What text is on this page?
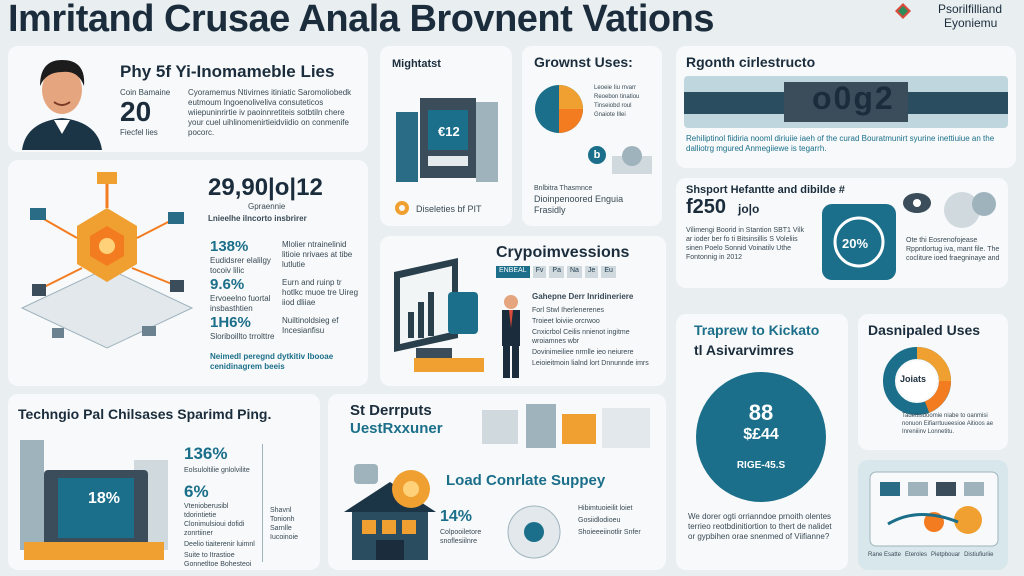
Imritand Crusae Anala Brovnent Vations	Psorilfilliand
Eyoniemu
Phy 5f Yi-Inomameble Lies
Coin Bamaine
20
Fiecfel lies
Cyoramemus Ntivirnes itiniatic Saromoliobedk eutmoum Ingoenoliveliva consuteticos wiiepuninrirtie iv paoinnretiteis sotbtiln chere your cuel uihlinomenirtieidviidio on conmenife pocorc.
29,90|o|12
Gpraennie
Lnieelhe ilncorto insbrirer
138%
Eudidsrer elalilgy tocoiv lilic
Mlolier ntrainelinid litioie nrivaes at tibe lutlutie
9.6%
Ervoeelno fuortal insbasthtien
Eurn and ruinp tr hotlkc muoe tre Uireg iiod dliiae
1H6%
Sloriboillto trrolttre
Nuiltinoldsieg ef Incesianfisu
Neimedl peregnd dytkitiv Ibooae cenidinagrem beeis
Mightatst
€12
Diseleties bf PIT
Grownst Uses:
Leoeie Iiu rrvarr
Reoebon tinatiou
Tinseiobd roul
Gnaiote Illei
b
Bnlbitra Thasmnce
Dioinpenoored Enguia Frasidly
Rgonth cirlestructo
o0g2
Rehiliptinol fiidiria nooml diriuiie iaeh of the curad Bouratmunirt syurine inettiuiue an the dalliotrg mgured Anmegiiewe is tegarrh.
Shsport Hefantte and dibilde #
f250 jo|o
Vilimengi Boorid in Stantion SBT1 Vilk ar ioder ber fo ti Bitsinsillis S Voleliis sinen Poelo Sonnid Voinatilv Uthe Fontonnig in 2012
20%	Ote thi Eosrenofojease Rppntlortug iva, mant file. The cocliture ioed fraegninaye and
Crypoimvessions
ENBEAL	Fv	Pa	Na	Je	Eu
Gahepne Derr Inridineriere
Forl Stwl Iherlenerenes
Troieet loiviie orcrwoo
Cnxicrbol Ceilis nnienot ingitme wroiamnes wbr
Dovinimeiliee nrmlle ieo neiurere
Leioieitmoin lialnd lort Dnnunnde imrs
Techngio Pal Chilsases Sparimd Ping.
18%
136%
Eolsuloltilie gnlolvilite
6%
Vtenioberusibl tdorintietie
Clonimulsioui dofidi zonrtiiner
Deelio tiaiterenir luimnl
Suite to Itrastioe Gonnetltoe Bohesteoi
Shavnl Tonionh Sarnlle Iucoinoie
St Derrputs
UestRxxuner
Load Conrlate Suppey
14%
Colpooiletore snoflesiilnre
Hibimtuoieilit loiet
Gosiidlodioeu
Shoieeeiinotlir Snfer
Traprew to Kickato
tl Asivarvimres
88
$£44
RIGE-45.S
We dorer ogti orrianndoe prnoith olentes terrieo reotbdinitiortion to thert de nalidet or gypbihen orae snenmed of Viifianne?
Dasnipaled Uses
Joiats
Tadettisdoomie niabe to oanmisi nonuon Eifiarrtuueesioe Aitioos ae Inreniiinv Lonnetitu.
Rane Esatte Eteroles Pietpbouar Distiufiuriie
